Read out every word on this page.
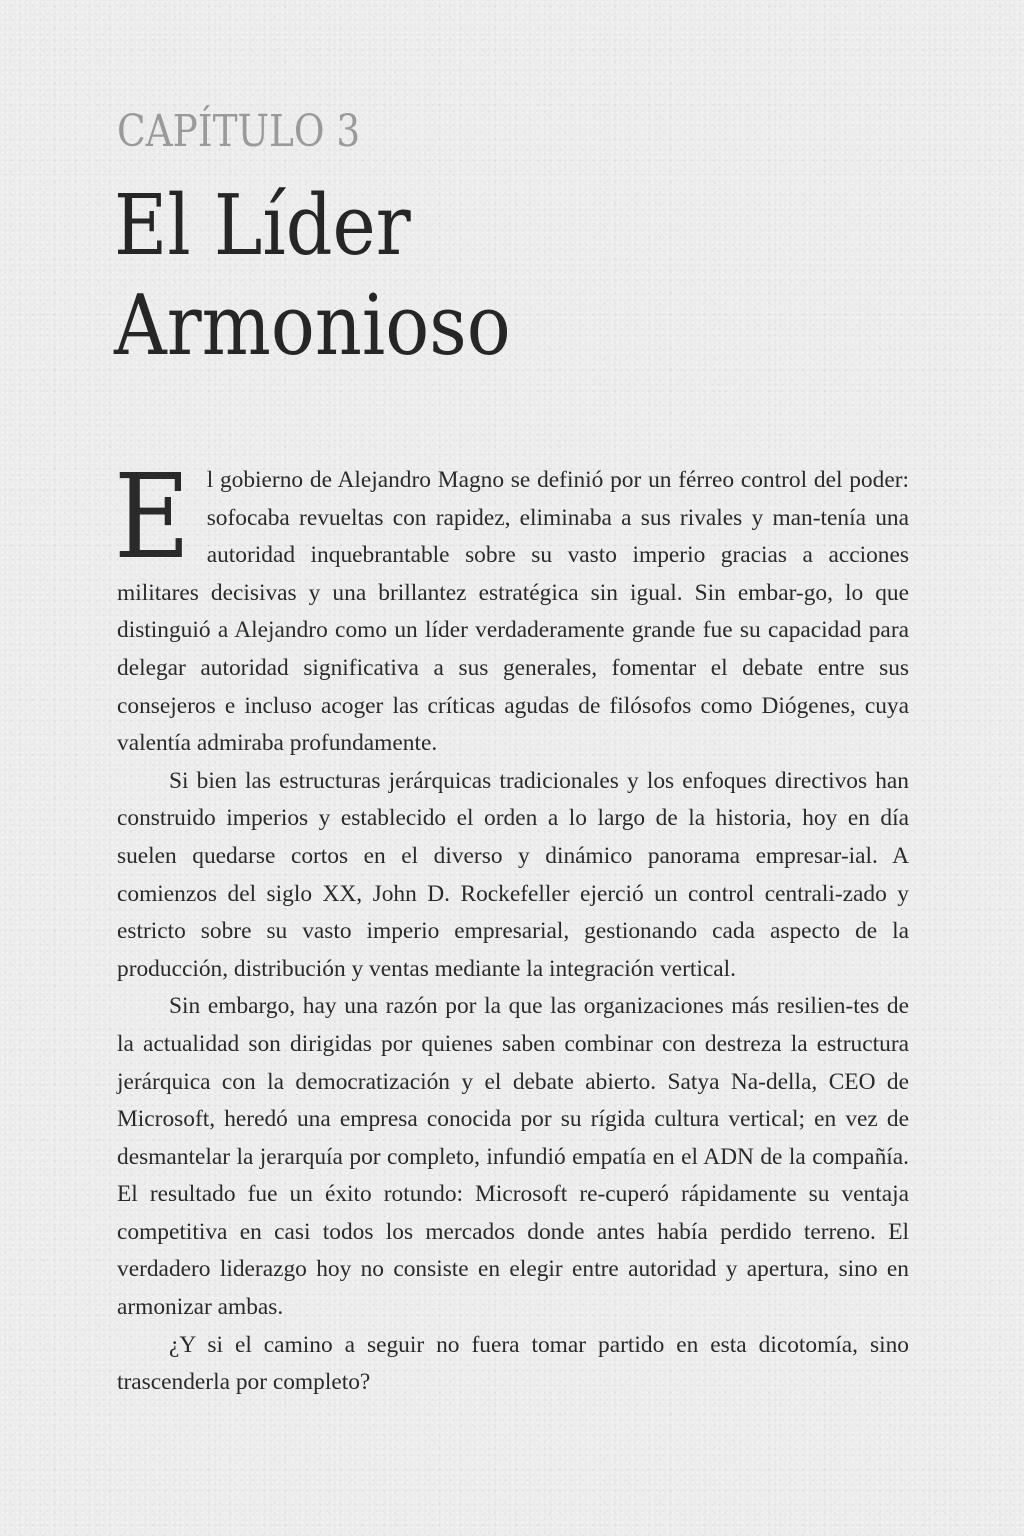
CAPÍTULO 3
El Líder
Armonioso

El gobierno de Alejandro Magno se definió por un férreo control del poder: sofocaba revueltas con rapidez, eliminaba a sus rivales y man-tenía una autoridad inquebrantable sobre su vasto imperio gracias a acciones militares decisivas y una brillantez estratégica sin igual. Sin embar-go, lo que distinguió a Alejandro como un líder verdaderamente grande fue su capacidad para delegar autoridad significativa a sus generales, fomentar el debate entre sus consejeros e incluso acoger las críticas agudas de filósofos como Diógenes, cuya valentía admiraba profundamente.

Si bien las estructuras jerárquicas tradicionales y los enfoques directivos han construido imperios y establecido el orden a lo largo de la historia, hoy en día suelen quedarse cortos en el diverso y dinámico panorama empresar-ial. A comienzos del siglo XX, John D. Rockefeller ejerció un control centrali-zado y estricto sobre su vasto imperio empresarial, gestionando cada aspecto de la producción, distribución y ventas mediante la integración vertical.

Sin embargo, hay una razón por la que las organizaciones más resilien-tes de la actualidad son dirigidas por quienes saben combinar con destreza la estructura jerárquica con la democratización y el debate abierto. Satya Na-della, CEO de Microsoft, heredó una empresa conocida por su rígida cultura vertical; en vez de desmantelar la jerarquía por completo, infundió empatía en el ADN de la compañía. El resultado fue un éxito rotundo: Microsoft re-cuperó rápidamente su ventaja competitiva en casi todos los mercados donde antes había perdido terreno. El verdadero liderazgo hoy no consiste en elegir entre autoridad y apertura, sino en armonizar ambas.

¿Y si el camino a seguir no fuera tomar partido en esta dicotomía, sino trascenderla por completo?
